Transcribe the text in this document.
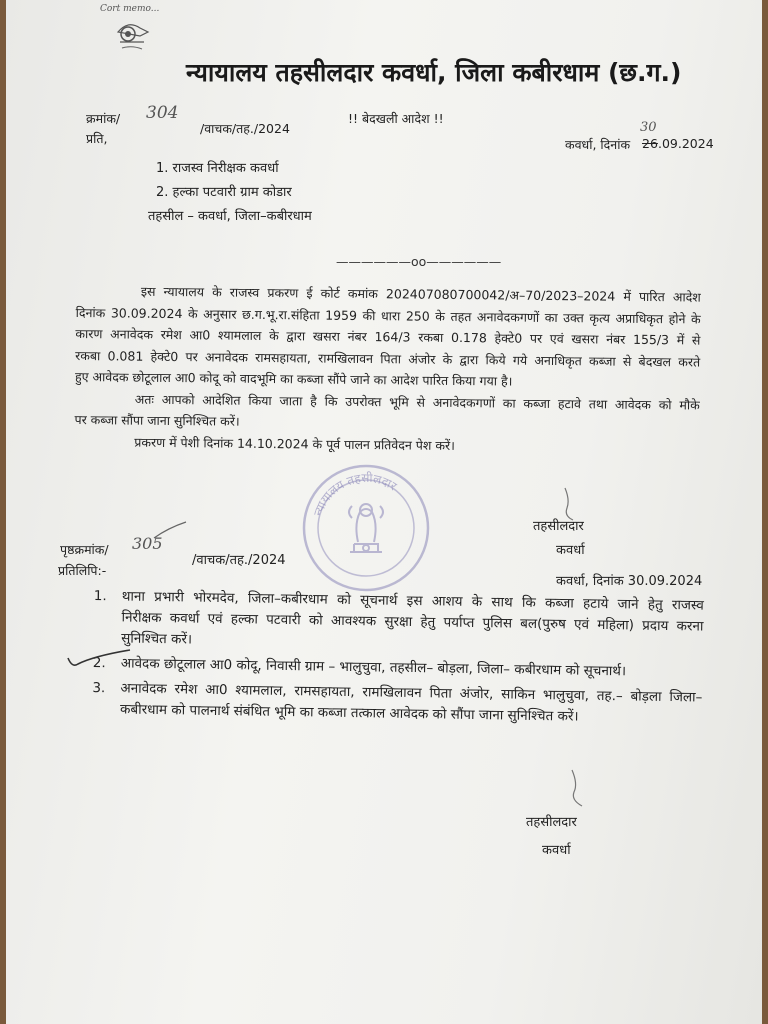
Cort memo...
न्यायालय तहसीलदार कवर्धा, जिला कबीरधाम (छ.ग.)
क्रमांक/ 304
/वाचक/तह./2024
!! बेदखली आदेश !!
प्रति,	कवर्धा, दिनांक
30
26 .09.2024
1. राजस्व निरीक्षक कवर्धा
2. हल्का पटवारी ग्राम कोडार
तहसील – कवर्धा, जिला–कबीरधाम
——————oo——————
इस न्यायालय के राजस्व प्रकरण ई कोर्ट कमांक 202407080700042/अ–70/2023–2024 में पारित आदेश
दिनांक 30.09.2024 के अनुसार छ.ग.भू.रा.संहिता 1959 की धारा 250 के तहत अनावेदकगणों का उक्त कृत्य अप्राधिकृत होने के
कारण अनावेदक रमेश आ0 श्यामलाल के द्वारा खसरा नंबर 164/3 रकबा 0.178 हेक्टे0 पर एवं खसरा नंबर 155/3 में से
रकबा 0.081 हेक्टे0 पर अनावेदक रामसहायता, रामखिलावन पिता अंजोर के द्वारा किये गये अनाधिकृत कब्जा से बेदखल करते
हुए आवेदक छोटूलाल आ0 कोदू को वादभूमि का कब्जा सौंपे जाने का आदेश पारित किया गया है।
अतः आपको आदेशित किया जाता है कि उपरोक्त भूमि से अनावेदकगणों का कब्जा हटावे तथा आवेदक को मौके
पर कब्जा सौंपा जाना सुनिश्चित करें।
प्रकरण में पेशी दिनांक 14.10.2024 के पूर्व पालन प्रतिवेदन पेश करें।
न्यायालय तहसीलदार
तहसीलदार
कवर्धा
पृष्ठक्रमांक/ 305
/वाचक/तह./2024
प्रतिलिपि:-
कवर्धा, दिनांक 30.09.2024
1. थाना प्रभारी भोरमदेव, जिला–कबीरधाम को सूचनार्थ इस आशय के साथ कि कब्जा हटाये जाने हेतु राजस्व
निरीक्षक कवर्धा एवं हल्का पटवारी को आवश्यक सुरक्षा हेतु पर्याप्त पुलिस बल(पुरुष एवं महिला) प्रदाय करना
सुनिश्चित करें।
2. आवेदक छोटूलाल आ0 कोदू, निवासी ग्राम – भालुचुवा, तहसील– बोड़ला, जिला– कबीरधाम को सूचनार्थ।
3. अनावेदक रमेश आ0 श्यामलाल, रामसहायता, रामखिलावन पिता अंजोर, साकिन भालुचुवा, तह.– बोड़ला जिला–
कबीरधाम को पालनार्थ संबंधित भूमि का कब्जा तत्काल आवेदक को सौंपा जाना सुनिश्चित करें।
तहसीलदार
कवर्धा
